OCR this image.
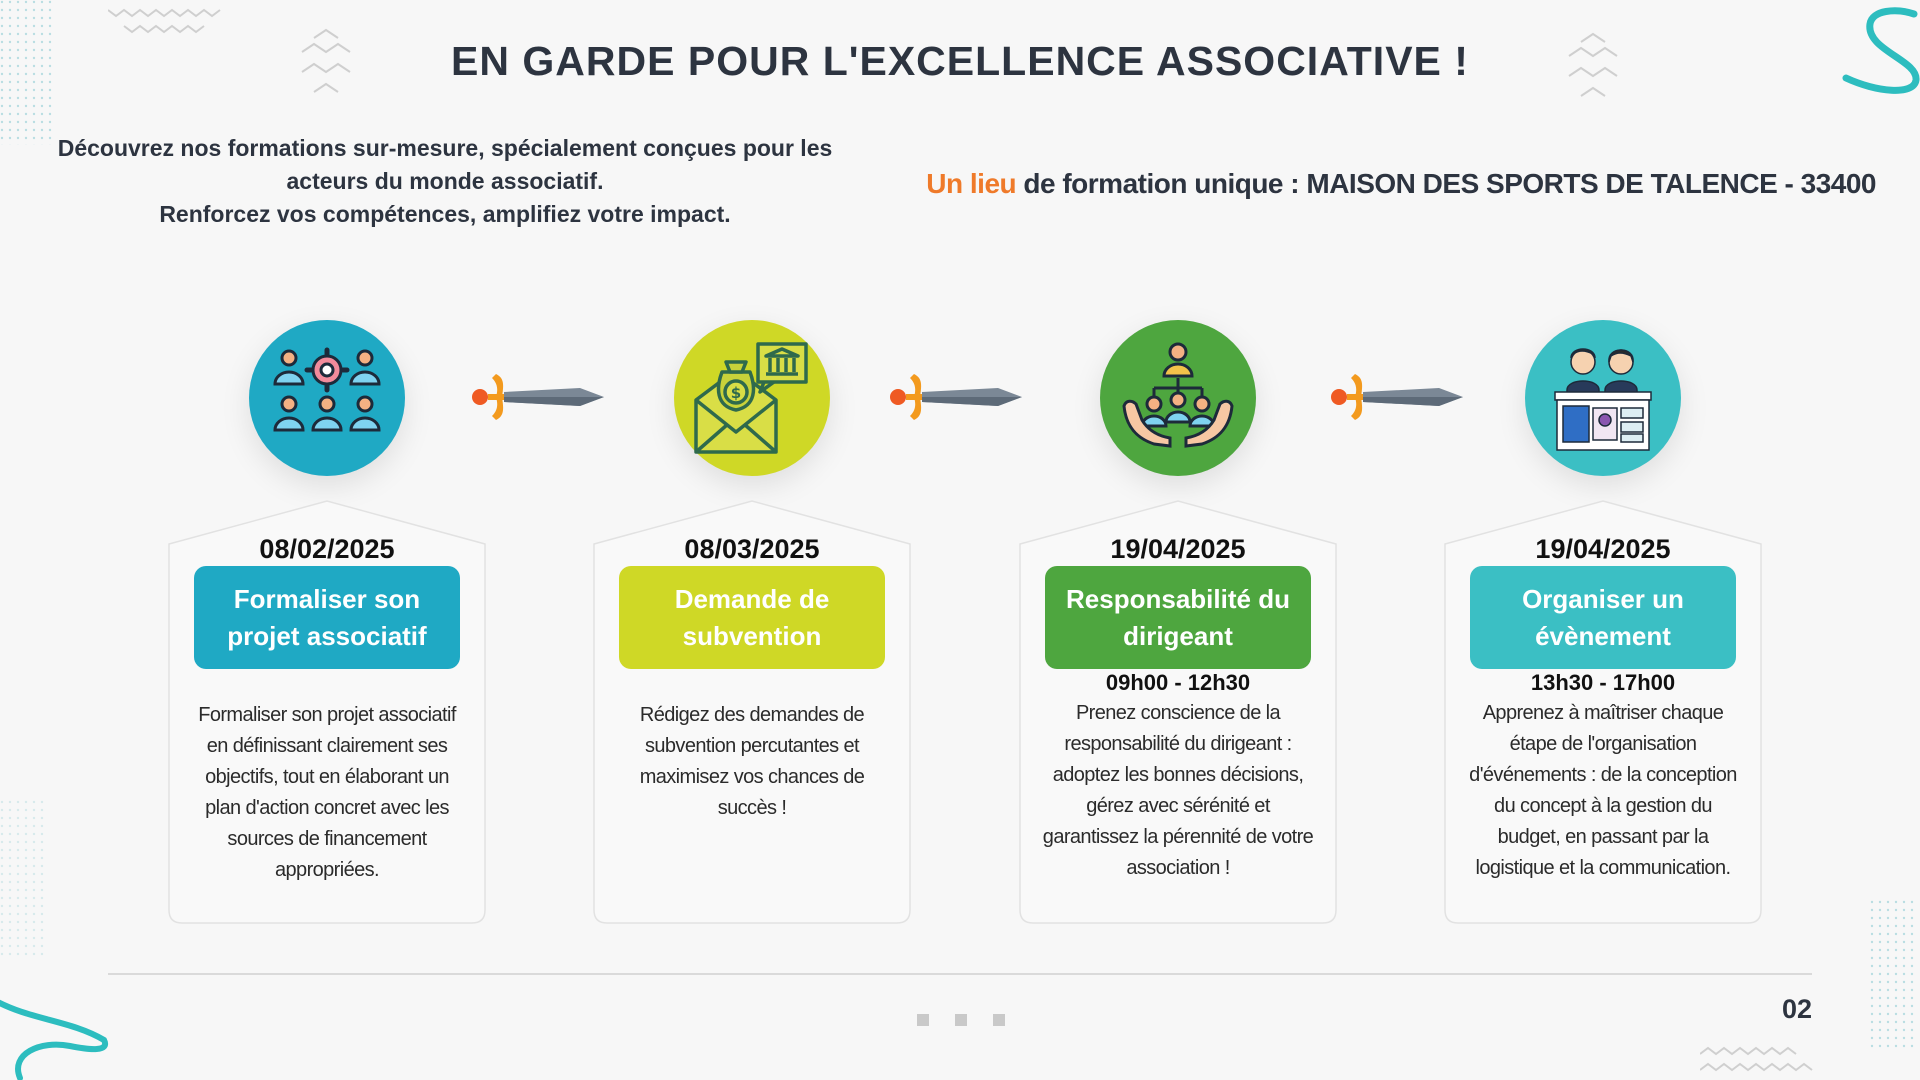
EN GARDE POUR L'EXCELLENCE ASSOCIATIVE !
Découvrez nos formations sur-mesure, spécialement conçues pour les
acteurs du monde associatif.
Renforcez vos compétences, amplifiez votre impact.
Un lieu de formation unique : MAISON DES SPORTS DE TALENCE - 33400
$
08/02/2025
Formaliser son projet associatif
Formaliser son projet associatif en définissant clairement ses objectifs, tout en élaborant un plan d'action concret avec les sources de financement appropriées.
08/03/2025
Demande de subvention
Rédigez des demandes de subvention percutantes et maximisez vos chances de succès !
19/04/2025
Responsabilité du dirigeant
09h00 - 12h30
Prenez conscience de la responsabilité du dirigeant : adoptez les bonnes décisions, gérez avec sérénité et garantissez la pérennité de votre association !
19/04/2025
Organiser un évènement
13h30 - 17h00
Apprenez à maîtriser chaque étape de l'organisation d'événements : de la conception du concept à la gestion du budget, en passant par la logistique et la communication.
02
